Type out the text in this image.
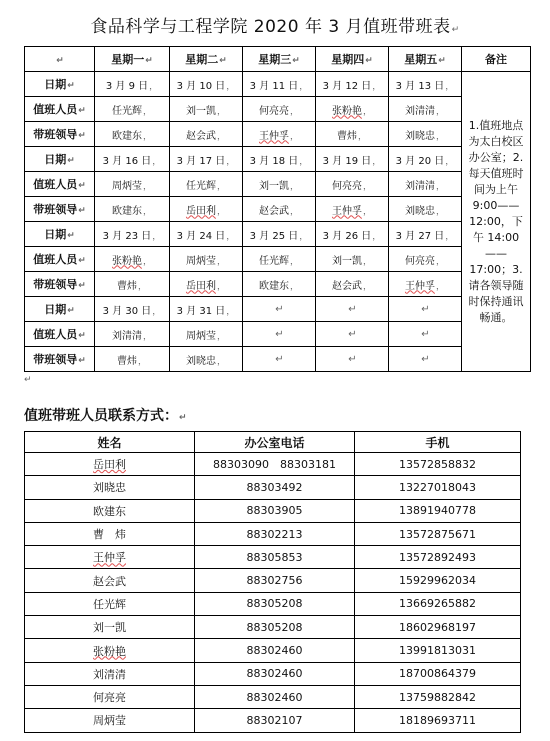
食品科学与工程学院 2020 年 3 月值班带班表↵
↵	星期一↵	星期二↵	星期三↵	星期四↵	星期五↵	备注
日期↵	3 月 9 日，	3 月 10 日，	3 月 11 日，	3 月 12 日，	3 月 13 日，	1.值班地点为太白校区办公室；2.每天值班时间为上午 9:00——12:00，下午 14:00——17:00；3.请各领导随时保持通讯畅通。
值班人员↵	任光辉，	刘一凯，	何亮亮，	张粉艳，	刘清清，	
带班领导↵	欧建东，	赵会武，	王仲孚，	曹炜，	刘晓忠，	
日期↵	3 月 16 日，	3 月 17 日，	3 月 18 日，	3 月 19 日，	3 月 20 日，	
值班人员↵	周炳莹，	任光辉，	刘一凯，	何亮亮，	刘清清，	
带班领导↵	欧建东，	岳田利，	赵会武，	王仲孚，	刘晓忠，	
日期↵	3 月 23 日，	3 月 24 日，	3 月 25 日，	3 月 26 日，	3 月 27 日，	
值班人员↵	张粉艳，	周炳莹，	任光辉，	刘一凯，	何亮亮，	
带班领导↵	曹炜，	岳田利，	欧建东，	赵会武，	王仲孚，	
日期↵	3 月 30 日，	3 月 31 日，	↵	↵	↵	
值班人员↵	刘清清，	周炳莹，	↵	↵	↵	
带班领导↵	曹炜，	刘晓忠，	↵	↵	↵	
↵
值班带班人员联系方式：↵
姓名	办公室电话	手机
岳田利	88303090　88303181	13572858832
刘晓忠	88303492	13227018043
欧建东	88303905	13891940778
曹　炜	88302213	13572875671
王仲孚	88305853	13572892493
赵会武	88302756	15929962034
任光辉	88305208	13669265882
刘一凯	88305208	18602968197
张粉艳	88302460	13991813031
刘清清	88302460	18700864379
何亮亮	88302460	13759882842
周炳莹	88302107	18189693711
